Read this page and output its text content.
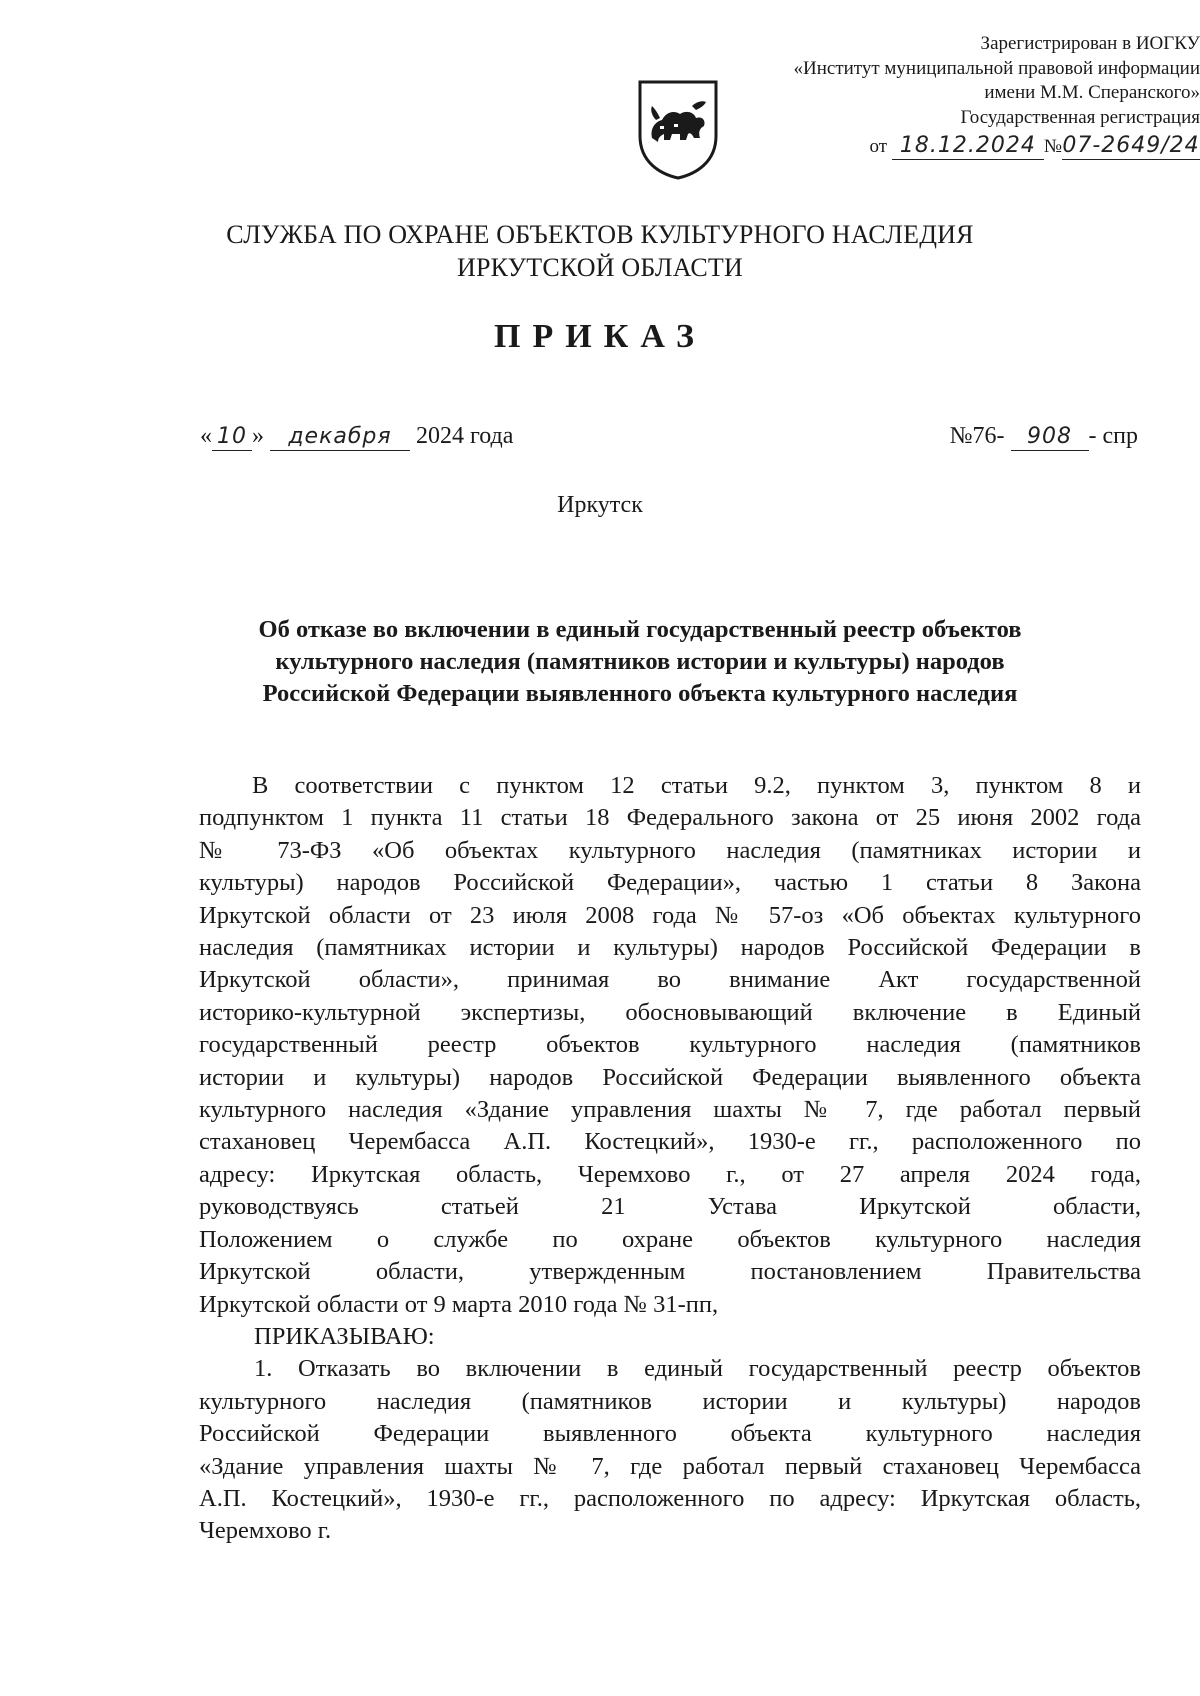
Зарегистрирован в ИОГКУ
«Институт муниципальной правовой информации
имени М.М. Сперанского»
Государственная регистрация
от 18.12.2024 №07-2649/24
СЛУЖБА ПО ОХРАНЕ ОБЪЕКТОВ КУЛЬТУРНОГО НАСЛЕДИЯ
ИРКУТСКОЙ ОБЛАСТИ
ПРИКАЗ
« 10 » декабря 2024 года	№76- 908 - спр
Иркутск
Об отказе во включении в единый государственный реестр объектов
культурного наследия (памятников истории и культуры) народов
Российской Федерации выявленного объекта культурного наследия
В соответствии с пунктом 12 статьи 9.2, пунктом 3, пунктом 8 и
подпунктом 1 пункта 11 статьи 18 Федерального закона от 25 июня 2002 года
№ 73-ФЗ «Об объектах культурного наследия (памятниках истории и
культуры) народов Российской Федерации», частью 1 статьи 8 Закона
Иркутской области от 23 июля 2008 года № 57-оз «Об объектах культурного
наследия (памятниках истории и культуры) народов Российской Федерации в
Иркутской области», принимая во внимание Акт государственной
историко-культурной экспертизы, обосновывающий включение в Единый
государственный реестр объектов культурного наследия (памятников
истории и культуры) народов Российской Федерации выявленного объекта
культурного наследия «Здание управления шахты № 7, где работал первый
стахановец Черембасса А.П. Костецкий», 1930-е гг., расположенного по
адресу: Иркутская область, Черемхово г., от 27 апреля 2024 года,
руководствуясь статьей 21 Устава Иркутской области,
Положением о службе по охране объектов культурного наследия
Иркутской области, утвержденным постановлением Правительства
Иркутской области от 9 марта 2010 года № 31-пп,
ПРИКАЗЫВАЮ:
1. Отказать во включении в единый государственный реестр объектов
культурного наследия (памятников истории и культуры) народов
Российской Федерации выявленного объекта культурного наследия
«Здание управления шахты № 7, где работал первый стахановец Черембасса
А.П. Костецкий», 1930-е гг., расположенного по адресу: Иркутская область,
Черемхово г.
